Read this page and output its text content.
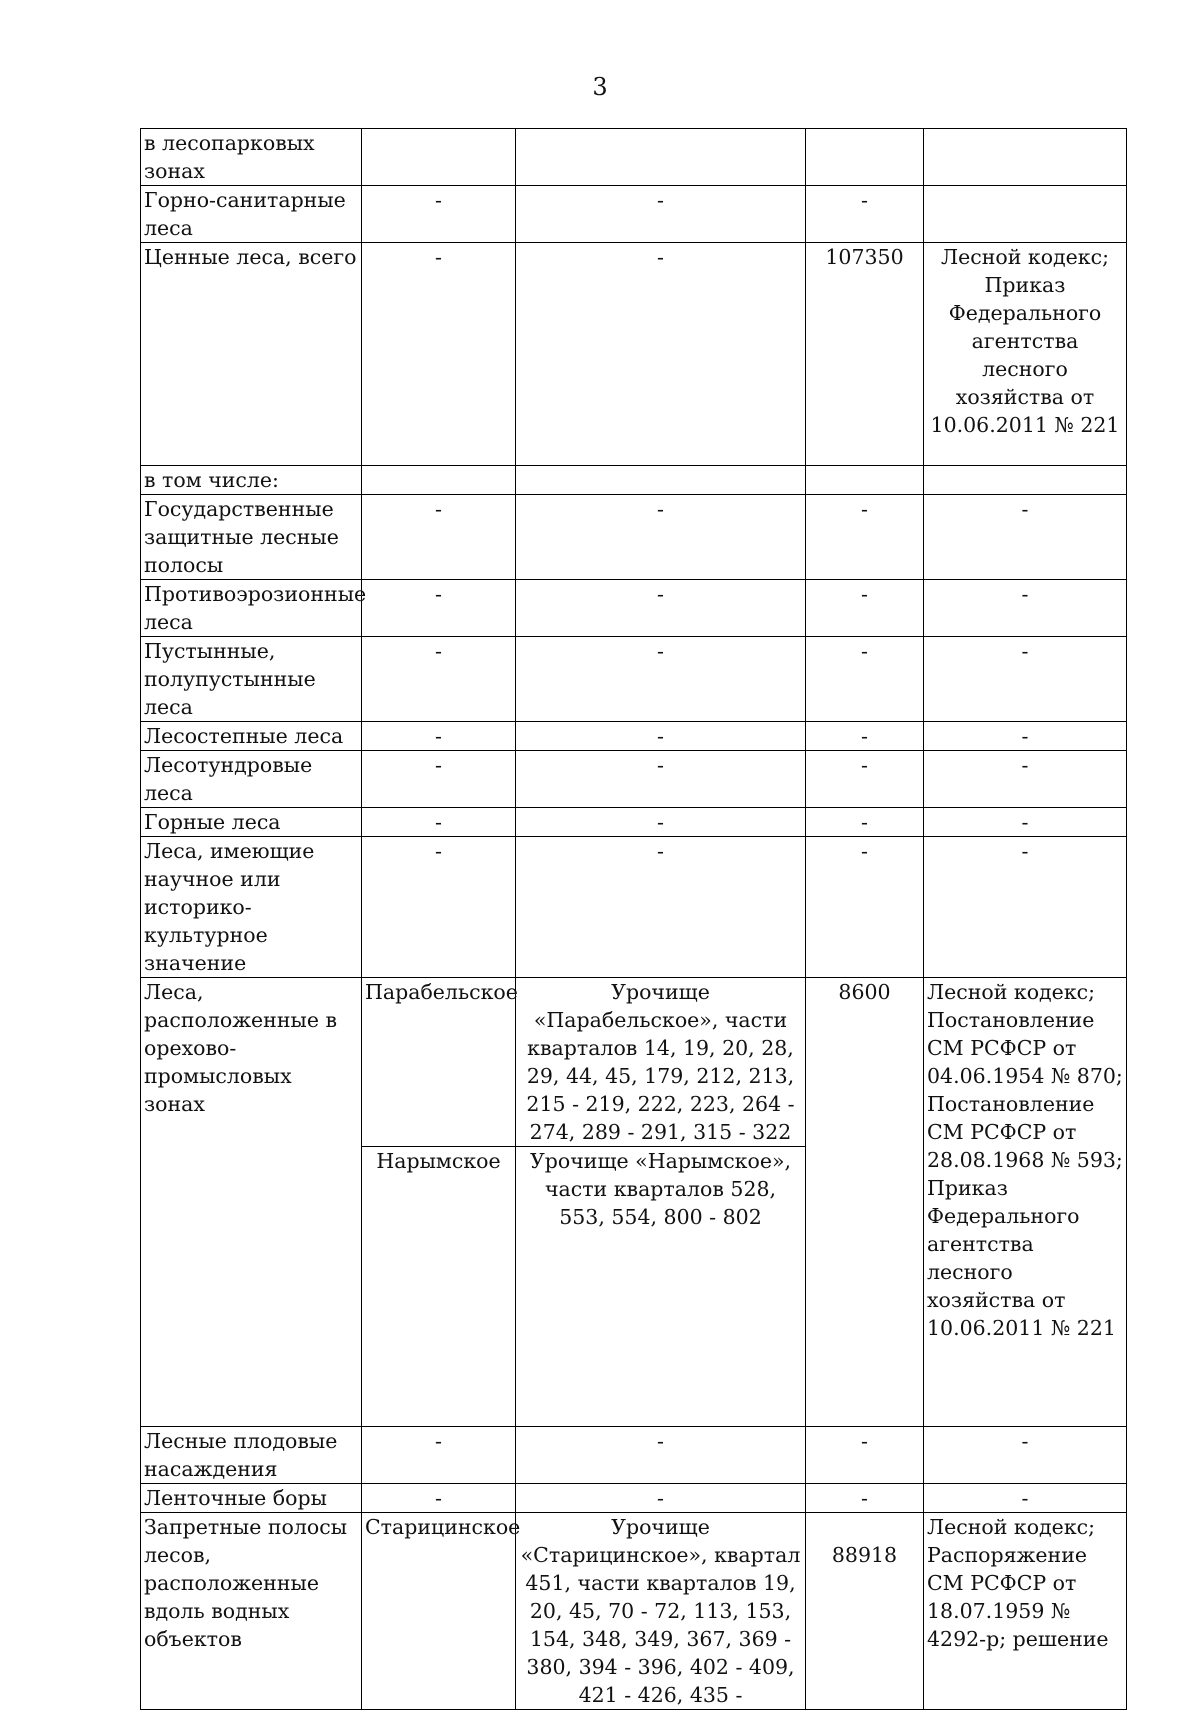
3
в лесопарковых зонах				
Горно-санитарные леса	-	-	-	
Ценные леса, всего	-	-	107350	Лесной кодекс; Приказ Федерального агентства лесного хозяйства от 10.06.2011 № 221
в том числе:				
Государственные защитные лесные полосы	-	-	-	-
Противоэрозионные леса	-	-	-	-
Пустынные, полупустынные леса	-	-	-	-
Лесостепные леса	-	-	-	-
Лесотундровые леса	-	-	-	-
Горные леса	-	-	-	-
Леса, имеющие научное или историко-культурное значение	-	-	-	-
Леса, расположенные в орехово-промысловых зонах	Парабельское	Урочище «Парабельское», части кварталов 14, 19, 20, 28, 29, 44, 45, 179, 212, 213, 215 - 219, 222, 223, 264 - 274, 289 - 291, 315 - 322	8600	Лесной кодекс; Постановление СМ РСФСР от 04.06.1954 № 870; Постановление СМ РСФСР от 28.08.1968 № 593; Приказ Федерального агентства лесного хозяйства от 10.06.2011 № 221
	Нарымское	Урочище «Нарымское», части кварталов 528, 553, 554, 800 - 802		
Лесные плодовые насаждения	-	-	-	-
Ленточные боры	-	-	-	-
Запретные полосы лесов, расположенные вдоль водных объектов	Старицинское	Урочище «Старицинское», квартал 451, части кварталов 19, 20, 45, 70 - 72, 113, 153, 154, 348, 349, 367, 369 - 380, 394 - 396, 402 - 409, 421 - 426, 435 -	88918	Лесной кодекс; Распоряжение СМ РСФСР от 18.07.1959 № 4292-р; решение
